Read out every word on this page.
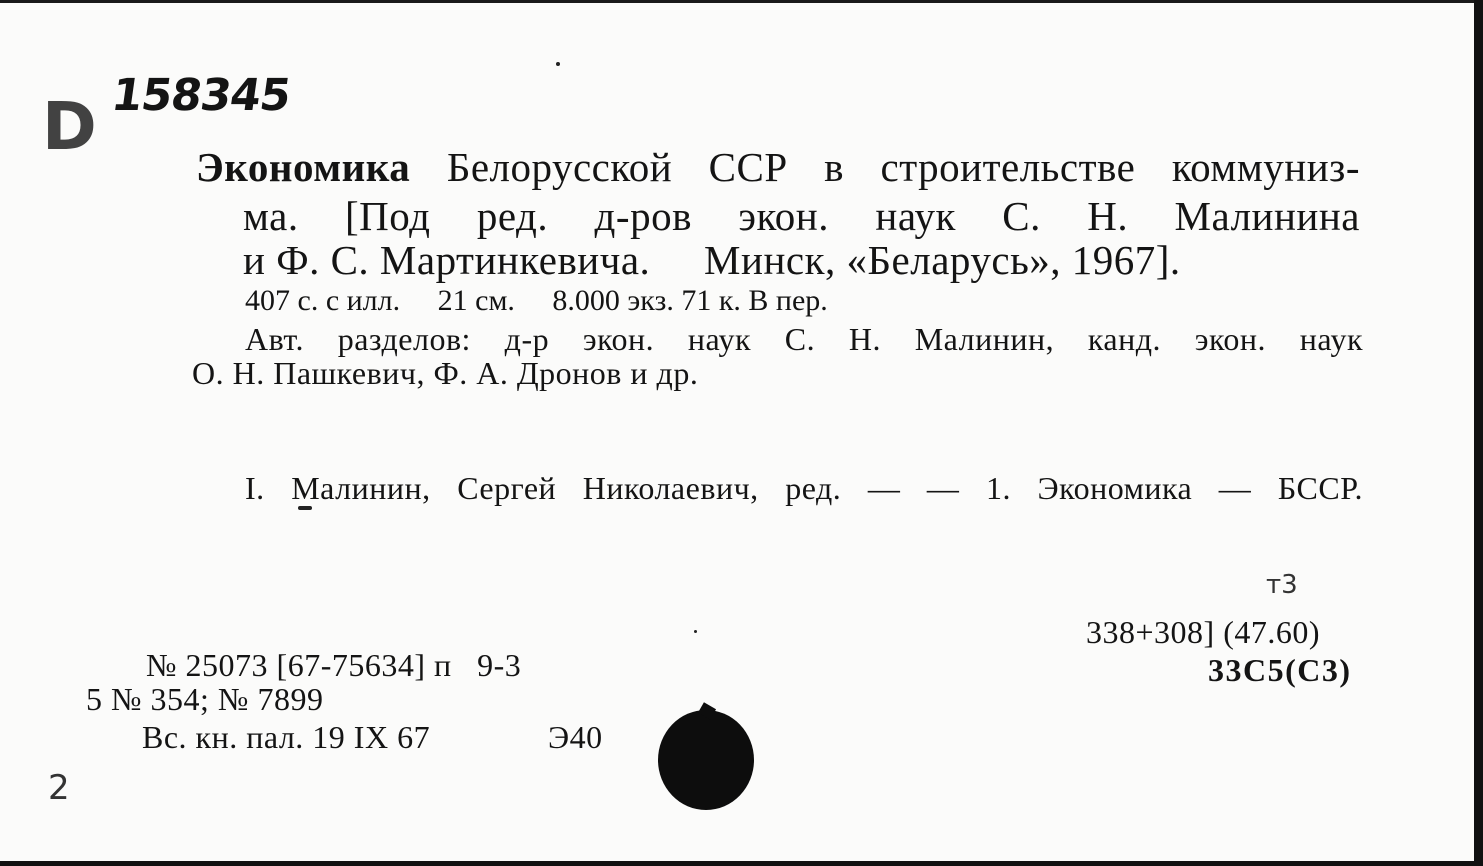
D 158345
Экономика Белорусской ССР в строительстве коммуниз-
ма. [Под ред. д-ров экон. наук С. Н. Малинина
и Ф. С. Мартинкевича.     Минск, «Беларусь», 1967].
407 с. с илл.     21 см.     8.000 экз. 71 к. В пер.
Авт. разделов: д-р экон. наук С. Н. Малинин, канд. экон. наук
О. Н. Пашкевич, Ф. А. Дронов и др.
I. Малинин, Сергей Николаевич, ред. — — 1. Экономика — БССР.
т3
338+308] (47.60)
33С5(С3)
№ 25073 [67-75634] п   9-3
5 № 354; № 7899
Вс. кн. пал. 19 IX 67	Э40
2
